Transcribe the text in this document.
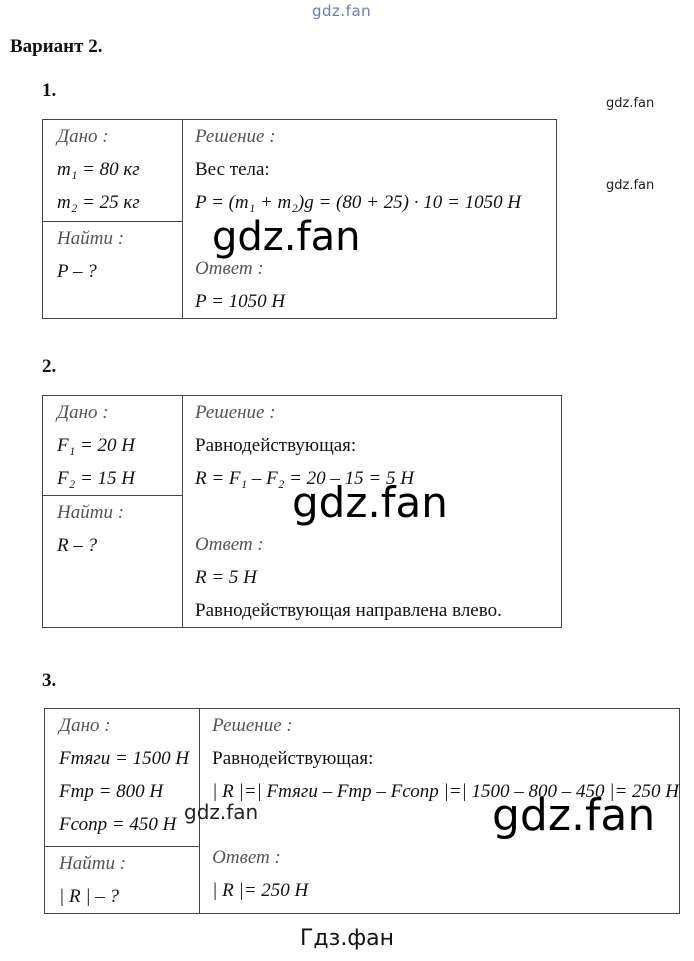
gdz.fan
Вариант 2.
1.
Дано :
m₁ = 80 кг
m₂ = 25 кг

Решение :
Вес тела:
P = (m₁ + m₂)g = (80 + 25) · 10 = 1050 Н
Ответ :
P = 1050 Н

Найти :
P – ?
2.
Дано :
F₁ = 20 Н
F₂ = 15 Н

Решение :
Равнодействующая:
R = F₁ – F₂ = 20 – 15 = 5 Н
Ответ :
R = 5 Н
Равнодействующая направлена влево.

Найти :
R – ?
3.
Дано :
Fтяги = 1500 Н
Fтр = 800 Н
Fсопр = 450 Н

Решение :
Равнодействующая:
| R |=| Fтяги – Fтр – Fсопр |=| 1500 – 800 – 450 |= 250 Н
Ответ :
| R |= 250 Н

Найти :
| R | – ?
gdz.fan
gdz.fan
gdz.fan
gdz.fan
gdz.fan	gdz.fan
Гдз.фан
